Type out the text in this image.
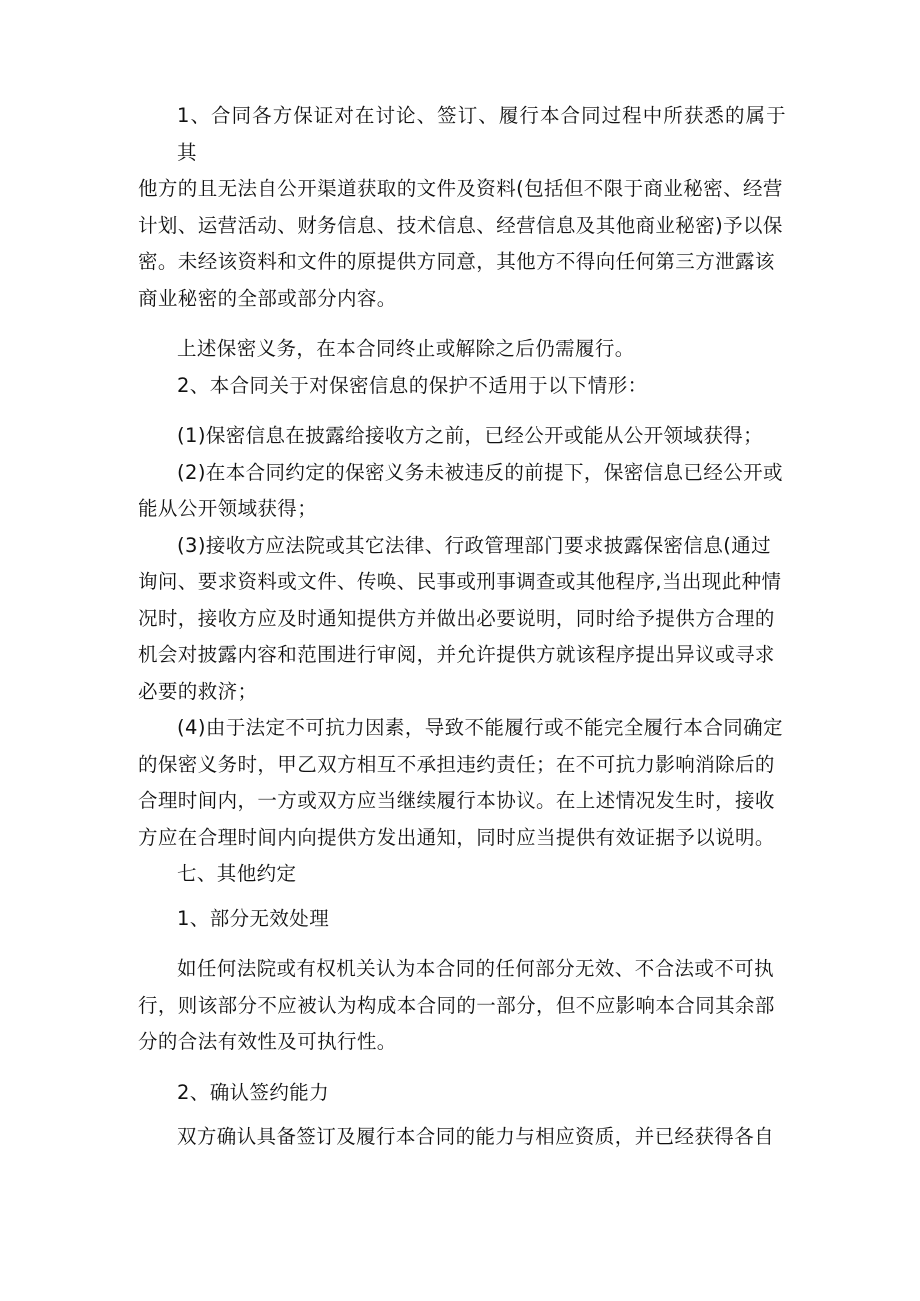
1、合同各方保证对在讨论、签订、履行本合同过程中所获悉的属于其
他方的且无法自公开渠道获取的文件及资料(包括但不限于商业秘密、经营
计划、运营活动、财务信息、技术信息、经营信息及其他商业秘密)予以保
密。未经该资料和文件的原提供方同意，其他方不得向任何第三方泄露该
商业秘密的全部或部分内容。
上述保密义务，在本合同终止或解除之后仍需履行。
2、本合同关于对保密信息的保护不适用于以下情形：
(1)保密信息在披露给接收方之前，已经公开或能从公开领域获得；
(2)在本合同约定的保密义务未被违反的前提下，保密信息已经公开或
能从公开领域获得；
(3)接收方应法院或其它法律、行政管理部门要求披露保密信息(通过
询问、要求资料或文件、传唤、民事或刑事调查或其他程序,当出现此种情
况时，接收方应及时通知提供方并做出必要说明，同时给予提供方合理的
机会对披露内容和范围进行审阅，并允许提供方就该程序提出异议或寻求
必要的救济；
(4)由于法定不可抗力因素，导致不能履行或不能完全履行本合同确定
的保密义务时，甲乙双方相互不承担违约责任；在不可抗力影响消除后的
合理时间内，一方或双方应当继续履行本协议。在上述情况发生时，接收
方应在合理时间内向提供方发出通知，同时应当提供有效证据予以说明。
七、其他约定
1、部分无效处理
如任何法院或有权机关认为本合同的任何部分无效、不合法或不可执
行，则该部分不应被认为构成本合同的一部分，但不应影响本合同其余部
分的合法有效性及可执行性。
2、确认签约能力
双方确认具备签订及履行本合同的能力与相应资质，并已经获得各自
